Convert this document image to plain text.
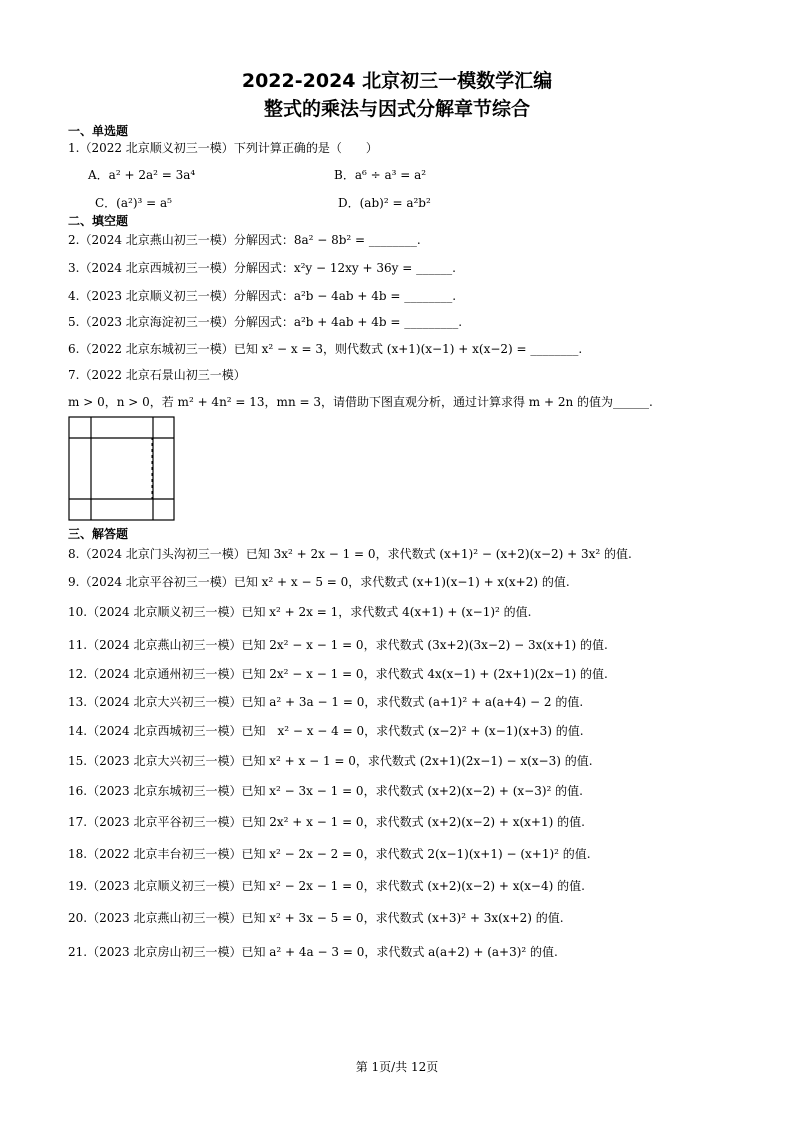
2022-2024 北京初三一模数学汇编
整式的乘法与因式分解章节综合
一、单选题
1.（2022 北京顺义初三一模）下列计算正确的是（　　）
A．a² + 2a² = 3a⁴	B．a⁶ ÷ a³ = a²
C．(a²)³ = a⁵	D．(ab)² = a²b²
二、填空题
2.（2024 北京燕山初三一模）分解因式：8a² − 8b² = ________.
3.（2024 北京西城初三一模）分解因式：x²y − 12xy + 36y = ______.
4.（2023 北京顺义初三一模）分解因式：a²b − 4ab + 4b = ________.
5.（2023 北京海淀初三一模）分解因式：a²b + 4ab + 4b = _________.
6.（2022 北京东城初三一模）已知 x² − x = 3，则代数式 (x+1)(x−1) + x(x−2) = ________.
7.（2022 北京石景山初三一模）
m > 0，n > 0，若 m² + 4n² = 13，mn = 3，请借助下图直观分析，通过计算求得 m + 2n 的值为______.
三、解答题
8.（2024 北京门头沟初三一模）已知 3x² + 2x − 1 = 0，求代数式 (x+1)² − (x+2)(x−2) + 3x² 的值.
9.（2024 北京平谷初三一模）已知 x² + x − 5 = 0，求代数式 (x+1)(x−1) + x(x+2) 的值.
10.（2024 北京顺义初三一模）已知 x² + 2x = 1，求代数式 4(x+1) + (x−1)² 的值.
11.（2024 北京燕山初三一模）已知 2x² − x − 1 = 0，求代数式 (3x+2)(3x−2) − 3x(x+1) 的值.
12.（2024 北京通州初三一模）已知 2x² − x − 1 = 0，求代数式 4x(x−1) + (2x+1)(2x−1) 的值.
13.（2024 北京大兴初三一模）已知 a² + 3a − 1 = 0，求代数式 (a+1)² + a(a+4) − 2 的值.
14.（2024 北京西城初三一模）已知　x² − x − 4 = 0，求代数式 (x−2)² + (x−1)(x+3) 的值.
15.（2023 北京大兴初三一模）已知 x² + x − 1 = 0，求代数式 (2x+1)(2x−1) − x(x−3) 的值.
16.（2023 北京东城初三一模）已知 x² − 3x − 1 = 0，求代数式 (x+2)(x−2) + (x−3)² 的值.
17.（2023 北京平谷初三一模）已知 2x² + x − 1 = 0，求代数式 (x+2)(x−2) + x(x+1) 的值.
18.（2022 北京丰台初三一模）已知 x² − 2x − 2 = 0，求代数式 2(x−1)(x+1) − (x+1)² 的值.
19.（2023 北京顺义初三一模）已知 x² − 2x − 1 = 0，求代数式 (x+2)(x−2) + x(x−4) 的值.
20.（2023 北京燕山初三一模）已知 x² + 3x − 5 = 0，求代数式 (x+3)² + 3x(x+2) 的值.
21.（2023 北京房山初三一模）已知 a² + 4a − 3 = 0，求代数式 a(a+2) + (a+3)² 的值.
第 1页/共 12页
